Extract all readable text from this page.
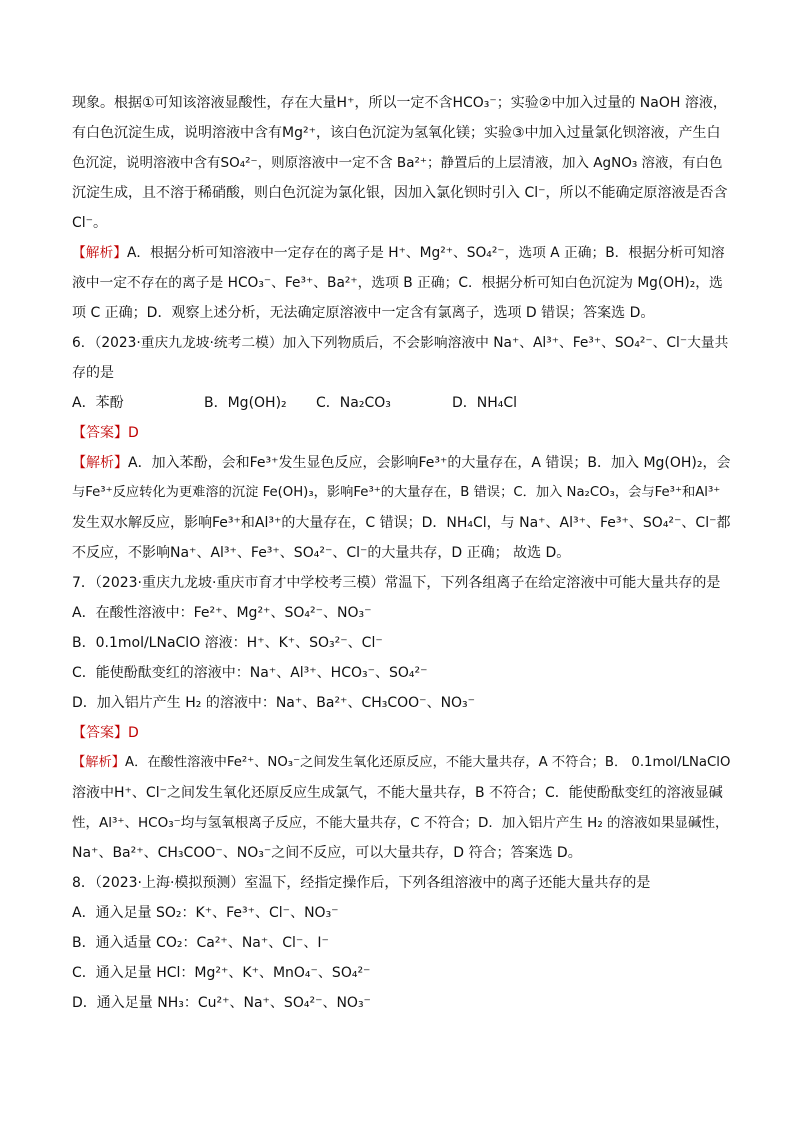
现象。根据①可知该溶液显酸性，存在大量H⁺，所以一定不含HCO₃⁻；实验②中加入过量的 NaOH 溶液，
有白色沉淀生成，说明溶液中含有Mg²⁺，该白色沉淀为氢氧化镁；实验③中加入过量氯化钡溶液，产生白
色沉淀，说明溶液中含有SO₄²⁻，则原溶液中一定不含 Ba²⁺；静置后的上层清液，加入 AgNO₃ 溶液，有白色
沉淀生成，且不溶于稀硝酸，则白色沉淀为氯化银，因加入氯化钡时引入 Cl⁻，所以不能确定原溶液是否含
Cl⁻。
【解析】A．根据分析可知溶液中一定存在的离子是 H⁺、Mg²⁺、SO₄²⁻，选项 A 正确；B．根据分析可知溶
液中一定不存在的离子是 HCO₃⁻、Fe³⁺、Ba²⁺，选项 B 正确；C．根据分析可知白色沉淀为 Mg(OH)₂，选
项 C 正确；D．观察上述分析，无法确定原溶液中一定含有氯离子，选项 D 错误；答案选 D。
6．（2023·重庆九龙坡·统考二模）加入下列物质后，不会影响溶液中 Na⁺、Al³⁺、Fe³⁺、SO₄²⁻、Cl⁻大量共
存的是
A．苯酚	B．Mg(OH)₂	C．Na₂CO₃	D．NH₄Cl
【答案】D
【解析】A．加入苯酚，会和Fe³⁺发生显色反应，会影响Fe³⁺的大量存在，A 错误；B．加入 Mg(OH)₂，会
与Fe³⁺反应转化为更难溶的沉淀 Fe(OH)₃，影响Fe³⁺的大量存在，B 错误；C．加入 Na₂CO₃，会与Fe³⁺和Al³⁺
发生双水解反应，影响Fe³⁺和Al³⁺的大量存在，C 错误；D．NH₄Cl，与 Na⁺、Al³⁺、Fe³⁺、SO₄²⁻、Cl⁻都
不反应，不影响Na⁺、Al³⁺、Fe³⁺、SO₄²⁻、Cl⁻的大量共存，D 正确； 故选 D。
7．（2023·重庆九龙坡·重庆市育才中学校考三模）常温下，下列各组离子在给定溶液中可能大量共存的是
A．在酸性溶液中：Fe²⁺、Mg²⁺、SO₄²⁻、NO₃⁻
B．0.1mol/LNaClO 溶液：H⁺、K⁺、SO₃²⁻、Cl⁻
C．能使酚酞变红的溶液中：Na⁺、Al³⁺、HCO₃⁻、SO₄²⁻
D．加入铝片产生 H₂ 的溶液中：Na⁺、Ba²⁺、CH₃COO⁻、NO₃⁻
【答案】D
【解析】A．在酸性溶液中Fe²⁺、NO₃⁻之间发生氧化还原反应，不能大量共存，A 不符合；B． 0.1mol/LNaClO
溶液中H⁺、Cl⁻之间发生氧化还原反应生成氯气，不能大量共存，B 不符合；C．能使酚酞变红的溶液显碱
性，Al³⁺、HCO₃⁻均与氢氧根离子反应，不能大量共存，C 不符合；D．加入铝片产生 H₂ 的溶液如果显碱性，
Na⁺、Ba²⁺、CH₃COO⁻、NO₃⁻之间不反应，可以大量共存，D 符合；答案选 D。
8．（2023·上海·模拟预测）室温下，经指定操作后，下列各组溶液中的离子还能大量共存的是
A．通入足量 SO₂：K⁺、Fe³⁺、Cl⁻、NO₃⁻
B．通入适量 CO₂：Ca²⁺、Na⁺、Cl⁻、I⁻
C．通入足量 HCl：Mg²⁺、K⁺、MnO₄⁻、SO₄²⁻
D．通入足量 NH₃：Cu²⁺、Na⁺、SO₄²⁻、NO₃⁻
